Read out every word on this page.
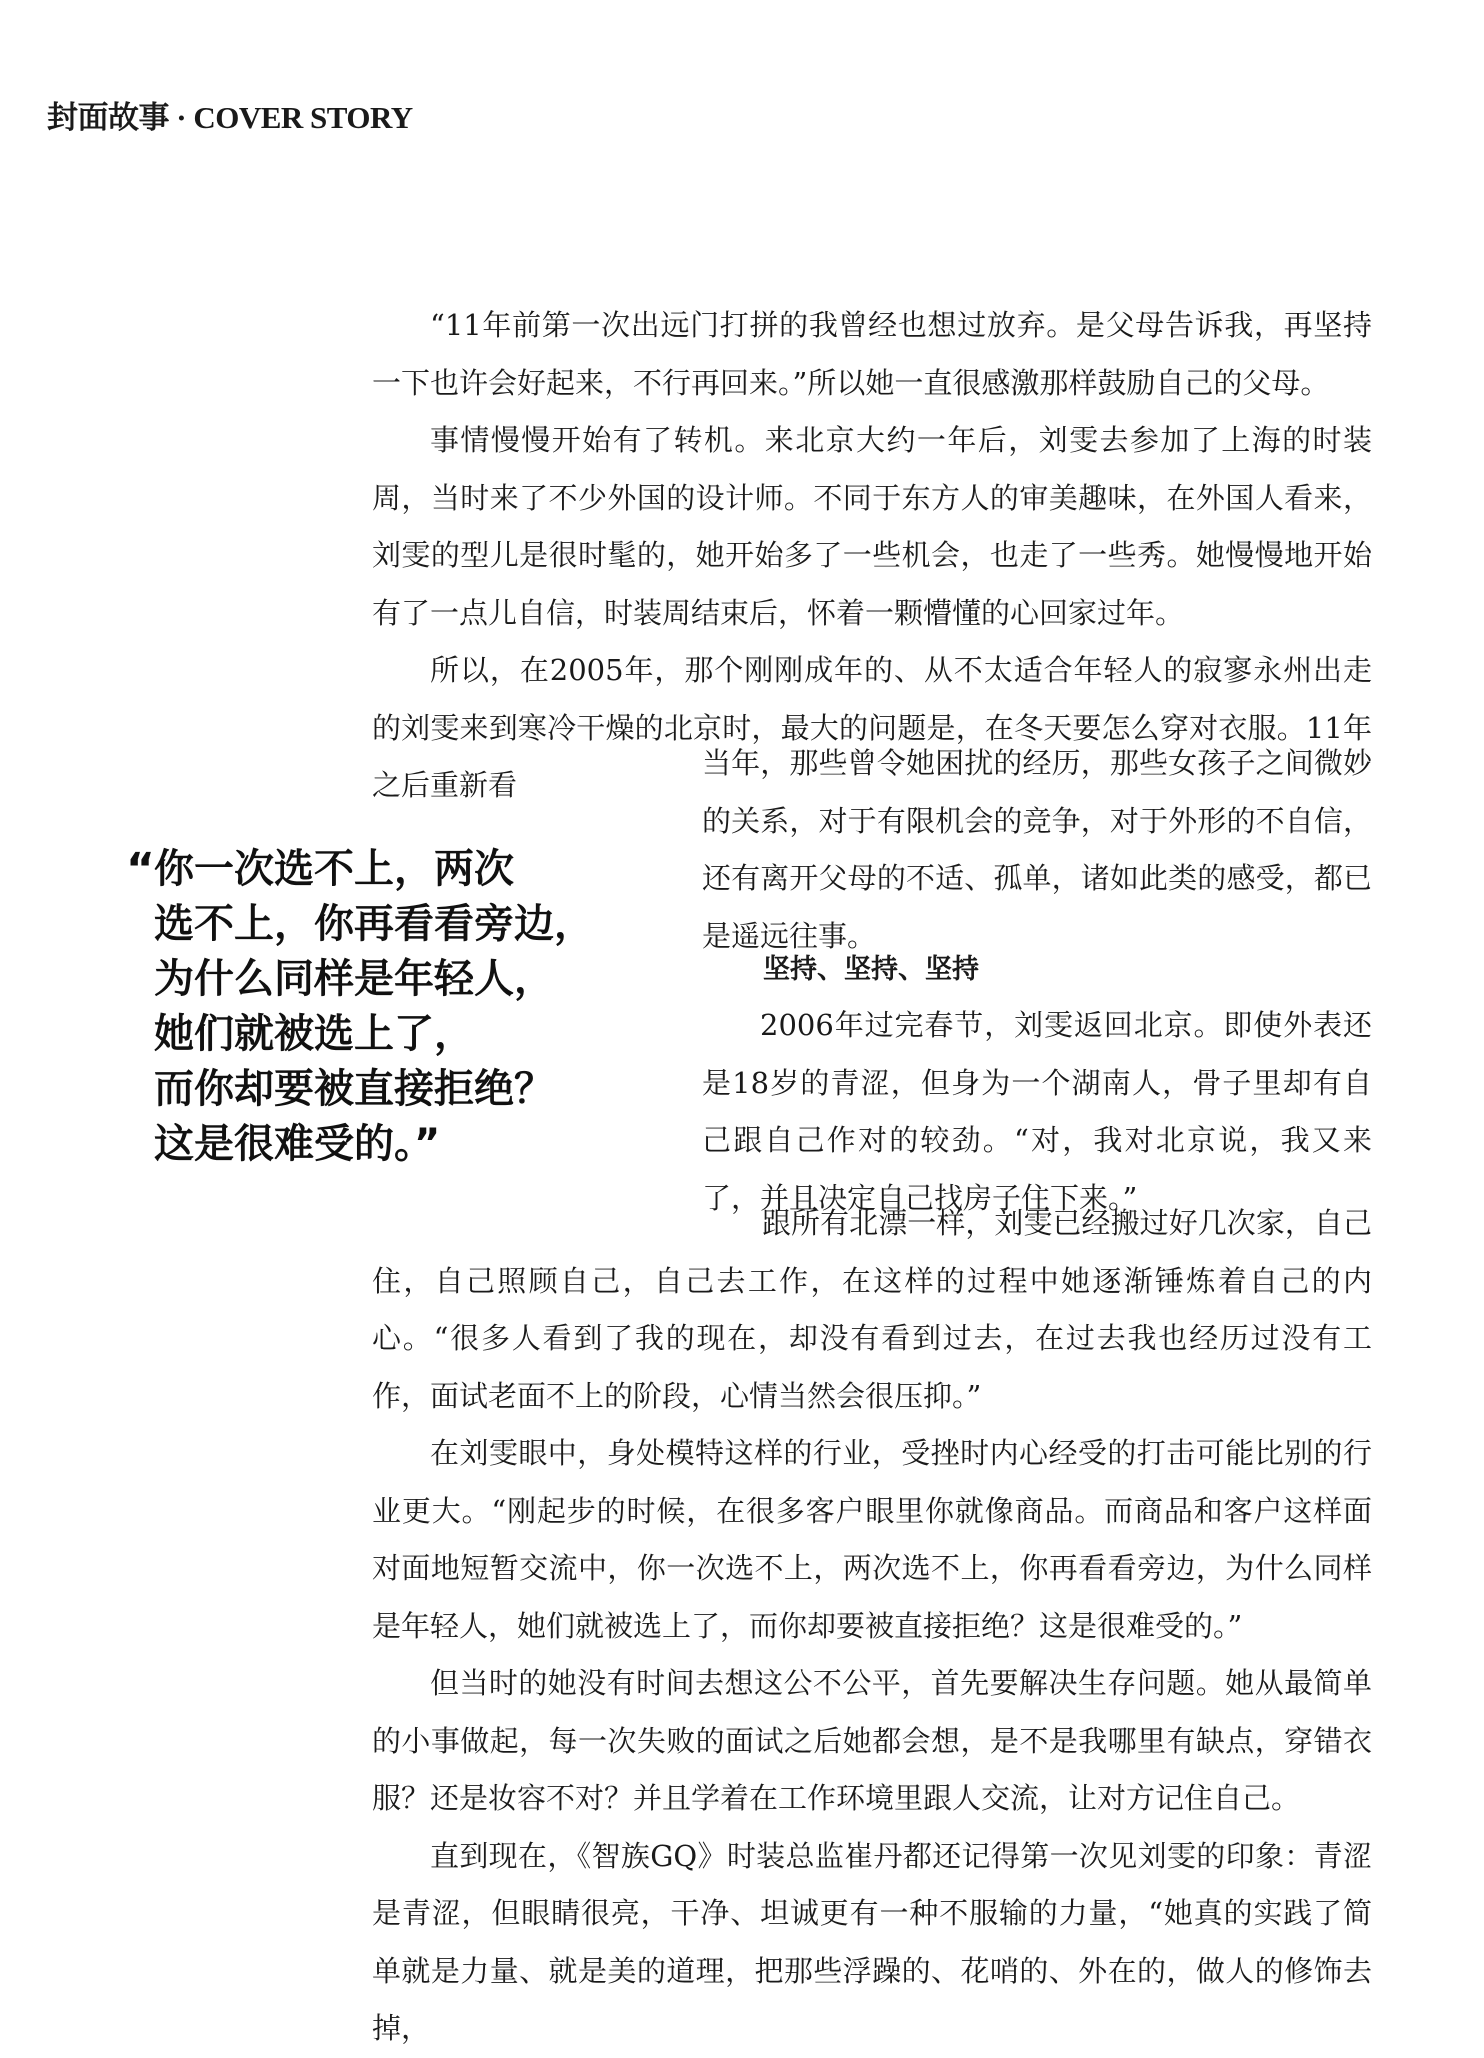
封面故事 · COVER STORY

“11年前第一次出远门打拼的我曾经也想过放弃。是父母告诉我，再坚持一下也许会好起来，不行再回来。”所以她一直很感激那样鼓励自己的父母。

事情慢慢开始有了转机。来北京大约一年后，刘雯去参加了上海的时装周，当时来了不少外国的设计师。不同于东方人的审美趣味，在外国人看来，刘雯的型儿是很时髦的，她开始多了一些机会，也走了一些秀。她慢慢地开始有了一点儿自信，时装周结束后，怀着一颗懵懂的心回家过年。

所以，在2005年，那个刚刚成年的、从不太适合年轻人的寂寥永州出走的刘雯来到寒冷干燥的北京时，最大的问题是，在冬天要怎么穿对衣服。11年之后重新看

当年，那些曾令她困扰的经历，那些女孩子之间微妙的关系，对于有限机会的竞争，对于外形的不自信，还有离开父母的不适、孤单，诸如此类的感受，都已是遥远往事。
“ 你一次选不上，两次
选不上，你再看看旁边，
为什么同样是年轻人，
她们就被选上了，
而你却要被直接拒绝？
这是很难受的。”
坚持、坚持、坚持

2006年过完春节，刘雯返回北京。即使外表还是18岁的青涩，但身为一个湖南人，骨子里却有自己跟自己作对的较劲。“对，我对北京说，我又来了，并且决定自己找房子住下来。”

跟所有北漂一样，刘雯已经搬过好几次家，自己住，自己照顾自己，自己去工作，在这样的过程中她逐渐锤炼着自己的内心。“很多人看到了我的现在，却没有看到过去，在过去我也经历过没有工作，面试老面不上的阶段，心情当然会很压抑。”

在刘雯眼中，身处模特这样的行业，受挫时内心经受的打击可能比别的行业更大。“刚起步的时候，在很多客户眼里你就像商品。而商品和客户这样面对面地短暂交流中，你一次选不上，两次选不上，你再看看旁边，为什么同样是年轻人，她们就被选上了，而你却要被直接拒绝？这是很难受的。”

但当时的她没有时间去想这公不公平，首先要解决生存问题。她从最简单的小事做起，每一次失败的面试之后她都会想，是不是我哪里有缺点，穿错衣服？还是妆容不对？并且学着在工作环境里跟人交流，让对方记住自己。

直到现在，《智族GQ》时装总监崔丹都还记得第一次见刘雯的印象：青涩是青涩，但眼睛很亮，干净、坦诚更有一种不服输的力量，“她真的实践了简单就是力量、就是美的道理，把那些浮躁的、花哨的、外在的，做人的修饰去掉，
